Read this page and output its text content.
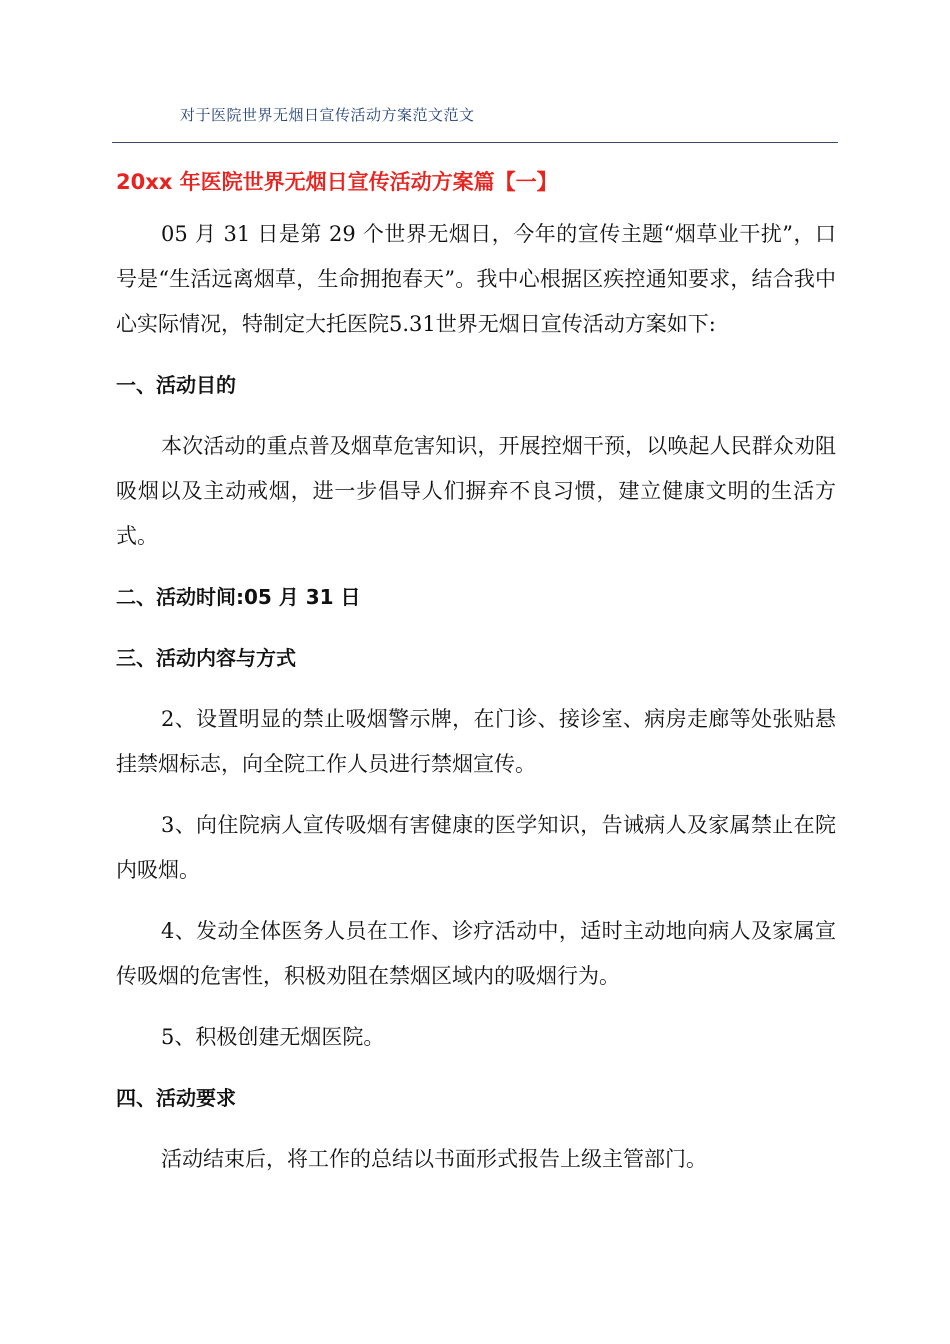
对于医院世界无烟日宣传活动方案范文范文
20xx 年医院世界无烟日宣传活动方案篇【一】

05 月 31 日是第 29 个世界无烟日，今年的宣传主题“烟草业干扰”，口号是“生活远离烟草，生命拥抱春天”。我中心根据区疾控通知要求，结合我中心实际情况，特制定大托医院5.31世界无烟日宣传活动方案如下:

一、活动目的

本次活动的重点普及烟草危害知识，开展控烟干预，以唤起人民群众劝阻吸烟以及主动戒烟，进一步倡导人们摒弃不良习惯，建立健康文明的生活方式。

二、活动时间:05 月 31 日

三、活动内容与方式

2、设置明显的禁止吸烟警示牌，在门诊、接诊室、病房走廊等处张贴悬挂禁烟标志，向全院工作人员进行禁烟宣传。

3、向住院病人宣传吸烟有害健康的医学知识，告诫病人及家属禁止在院内吸烟。

4、发动全体医务人员在工作、诊疗活动中，适时主动地向病人及家属宣传吸烟的危害性，积极劝阻在禁烟区域内的吸烟行为。

5、积极创建无烟医院。

四、活动要求

活动结束后，将工作的总结以书面形式报告上级主管部门。
